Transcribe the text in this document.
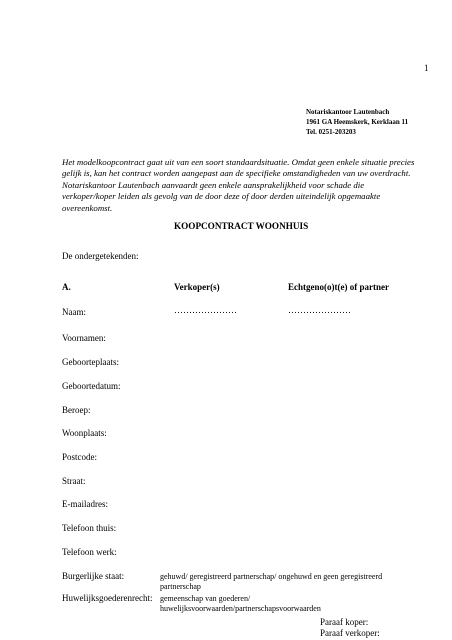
1
Notariskantoor Lautenbach
1961 GA Heemskerk, Kerklaan 11
Tel. 0251-203203
Het modelkoopcontract gaat uit van een soort standaardsituatie. Omdat geen enkele situatie precies
gelijk is, kan het contract worden aangepast aan de specifieke omstandigheden van uw overdracht.
Notariskantoor Lautenbach aanvaardt geen enkele aansprakelijkheid voor schade die
verkoper/koper leiden als gevolg van de door deze of door derden uiteindelijk opgemaakte
overeenkomst.
KOOPCONTRACT WOONHUIS
De ondergetekenden:
A.	Verkoper(s)	Echtgeno(o)t(e) of partner
Naam:	…………………	…………………
Voornamen:
Geboorteplaats:
Geboortedatum:
Beroep:
Woonplaats:
Postcode:
Straat:
E-mailadres:
Telefoon thuis:
Telefoon werk:
Burgerlijke staat:	gehuwd/ geregistreerd partnerschap/ ongehuwd en geen geregistreerd
partnerschap
Huwelijksgoederenrecht: gemeenschap van goederen/
huwelijksvoorwaarden/partnerschapsvoorwaarden
Paraaf koper:
Paraaf verkoper:
